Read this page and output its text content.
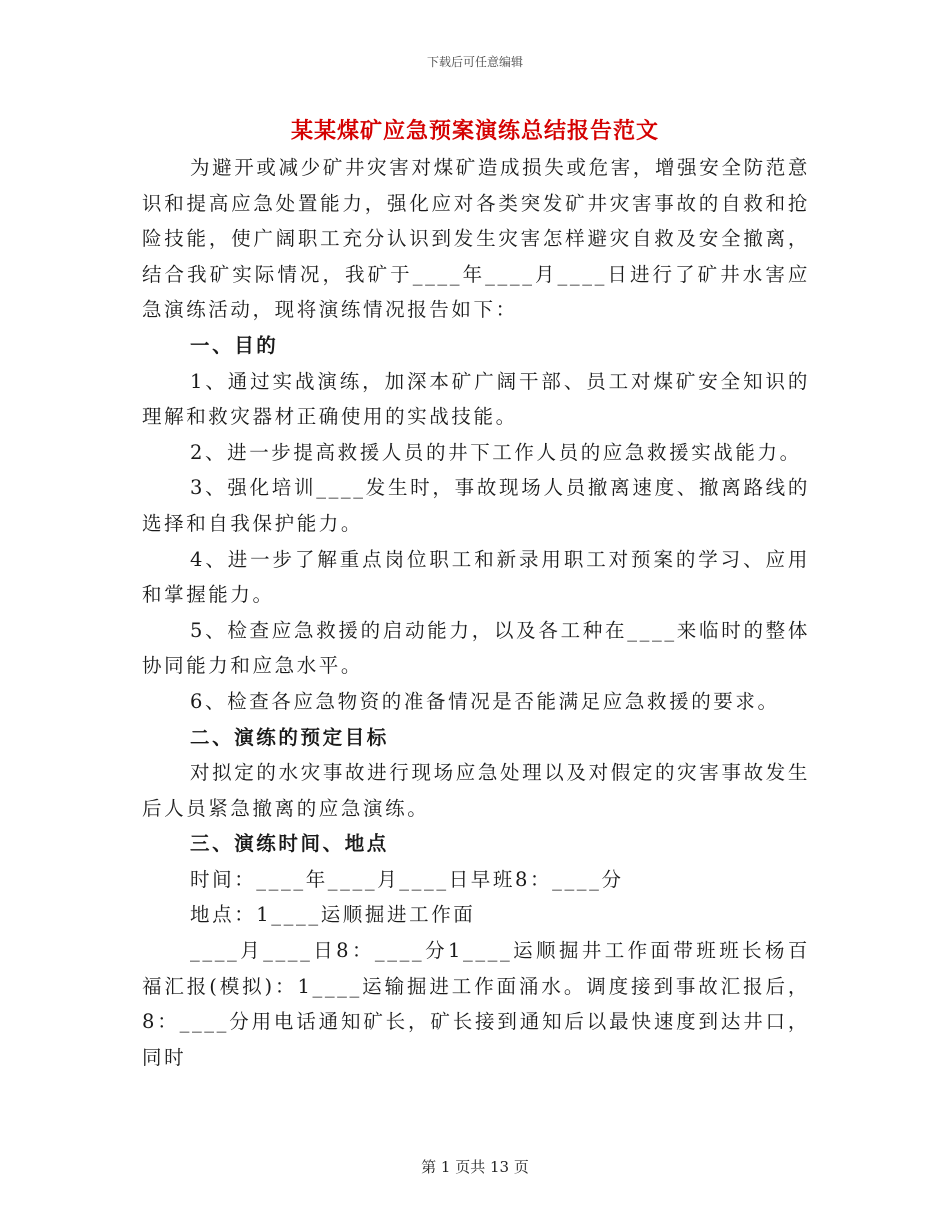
下载后可任意编辑
某某煤矿应急预案演练总结报告范文

为避开或减少矿井灾害对煤矿造成损失或危害，增强安全防范意识和提高应急处置能力，强化应对各类突发矿井灾害事故的自救和抢险技能，使广阔职工充分认识到发生灾害怎样避灾自救及安全撤离，结合我矿实际情况，我矿于____年____月____日进行了矿井水害应急演练活动，现将演练情况报告如下：

一、目的

1、通过实战演练，加深本矿广阔干部、员工对煤矿安全知识的理解和救灾器材正确使用的实战技能。

2、进一步提高救援人员的井下工作人员的应急救援实战能力。

3、强化培训____发生时，事故现场人员撤离速度、撤离路线的选择和自我保护能力。

4、进一步了解重点岗位职工和新录用职工对预案的学习、应用和掌握能力。

5、检查应急救援的启动能力，以及各工种在____来临时的整体协同能力和应急水平。

6、检查各应急物资的准备情况是否能满足应急救援的要求。

二、演练的预定目标

对拟定的水灾事故进行现场应急处理以及对假定的灾害事故发生后人员紧急撤离的应急演练。

三、演练时间、地点

时间：____年____月____日早班8：____分

地点：1____运顺掘进工作面

____月____日8：____分1____运顺掘井工作面带班班长杨百福汇报(模拟)：1____运输掘进工作面涌水。调度接到事故汇报后，8：____分用电话通知矿长，矿长接到通知后以最快速度到达井口，同时

第 1 页共 13 页
